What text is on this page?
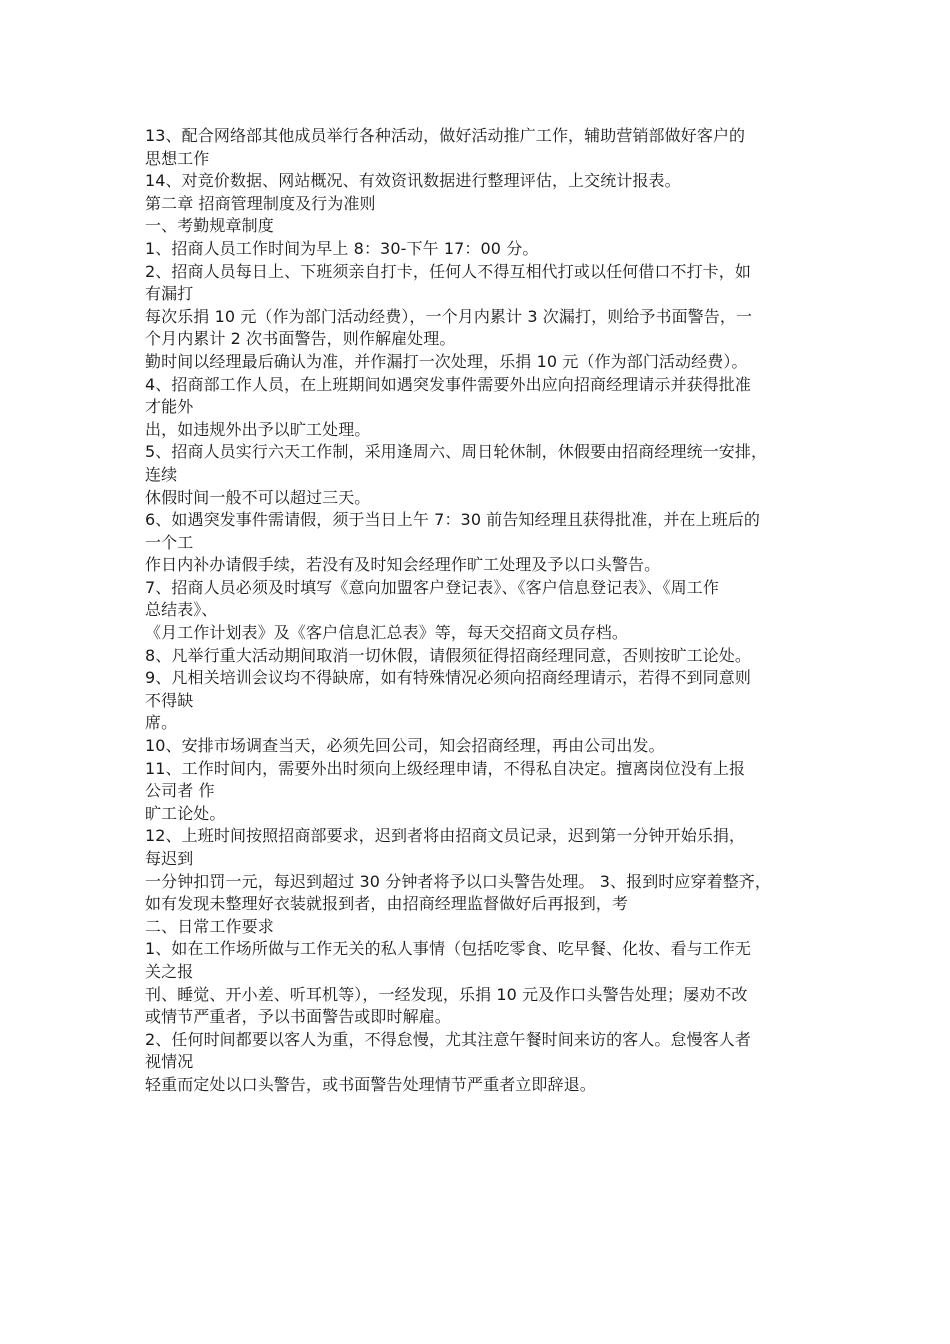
13、配合网络部其他成员举行各种活动，做好活动推广工作，辅助营销部做好客户的
思想工作
14、对竞价数据、网站概况、有效资讯数据进行整理评估，上交统计报表。
第二章 招商管理制度及行为准则
一、考勤规章制度
1、招商人员工作时间为早上 8：30-下午 17：00 分。
2、招商人员每日上、下班须亲自打卡，任何人不得互相代打或以任何借口不打卡，如
有漏打
每次乐捐 10 元（作为部门活动经费），一个月内累计 3 次漏打，则给予书面警告，一
个月内累计 2 次书面警告，则作解雇处理。
勤时间以经理最后确认为准，并作漏打一次处理，乐捐 10 元（作为部门活动经费）。
4、招商部工作人员，在上班期间如遇突发事件需要外出应向招商经理请示并获得批准
才能外
出，如违规外出予以旷工处理。
5、招商人员实行六天工作制，采用逢周六、周日轮休制，休假要由招商经理统一安排，
连续
休假时间一般不可以超过三天。
6、如遇突发事件需请假，须于当日上午 7：30 前告知经理且获得批准，并在上班后的
一个工
作日内补办请假手续，若没有及时知会经理作旷工处理及予以口头警告。
7、招商人员必须及时填写《意向加盟客户登记表》、《客户信息登记表》、《周工作
总结表》、
《月工作计划表》及《客户信息汇总表》等，每天交招商文员存档。
8、凡举行重大活动期间取消一切休假，请假须征得招商经理同意，否则按旷工论处。
9、凡相关培训会议均不得缺席，如有特殊情况必须向招商经理请示，若得不到同意则
不得缺
席。
10、安排市场调查当天，必须先回公司，知会招商经理，再由公司出发。
11、工作时间内，需要外出时须向上级经理申请，不得私自决定。擅离岗位没有上报
公司者 作
旷工论处。
12、上班时间按照招商部要求，迟到者将由招商文员记录，迟到第一分钟开始乐捐，
每迟到
一分钟扣罚一元，每迟到超过 30 分钟者将予以口头警告处理。 3、报到时应穿着整齐，
如有发现未整理好衣装就报到者，由招商经理监督做好后再报到，考
二、日常工作要求
1、如在工作场所做与工作无关的私人事情（包括吃零食、吃早餐、化妆、看与工作无
关之报
刊、睡觉、开小差、听耳机等），一经发现，乐捐 10 元及作口头警告处理；屡劝不改
或情节严重者，予以书面警告或即时解雇。
2、任何时间都要以客人为重，不得怠慢，尤其注意午餐时间来访的客人。怠慢客人者
视情况
轻重而定处以口头警告，或书面警告处理情节严重者立即辞退。
